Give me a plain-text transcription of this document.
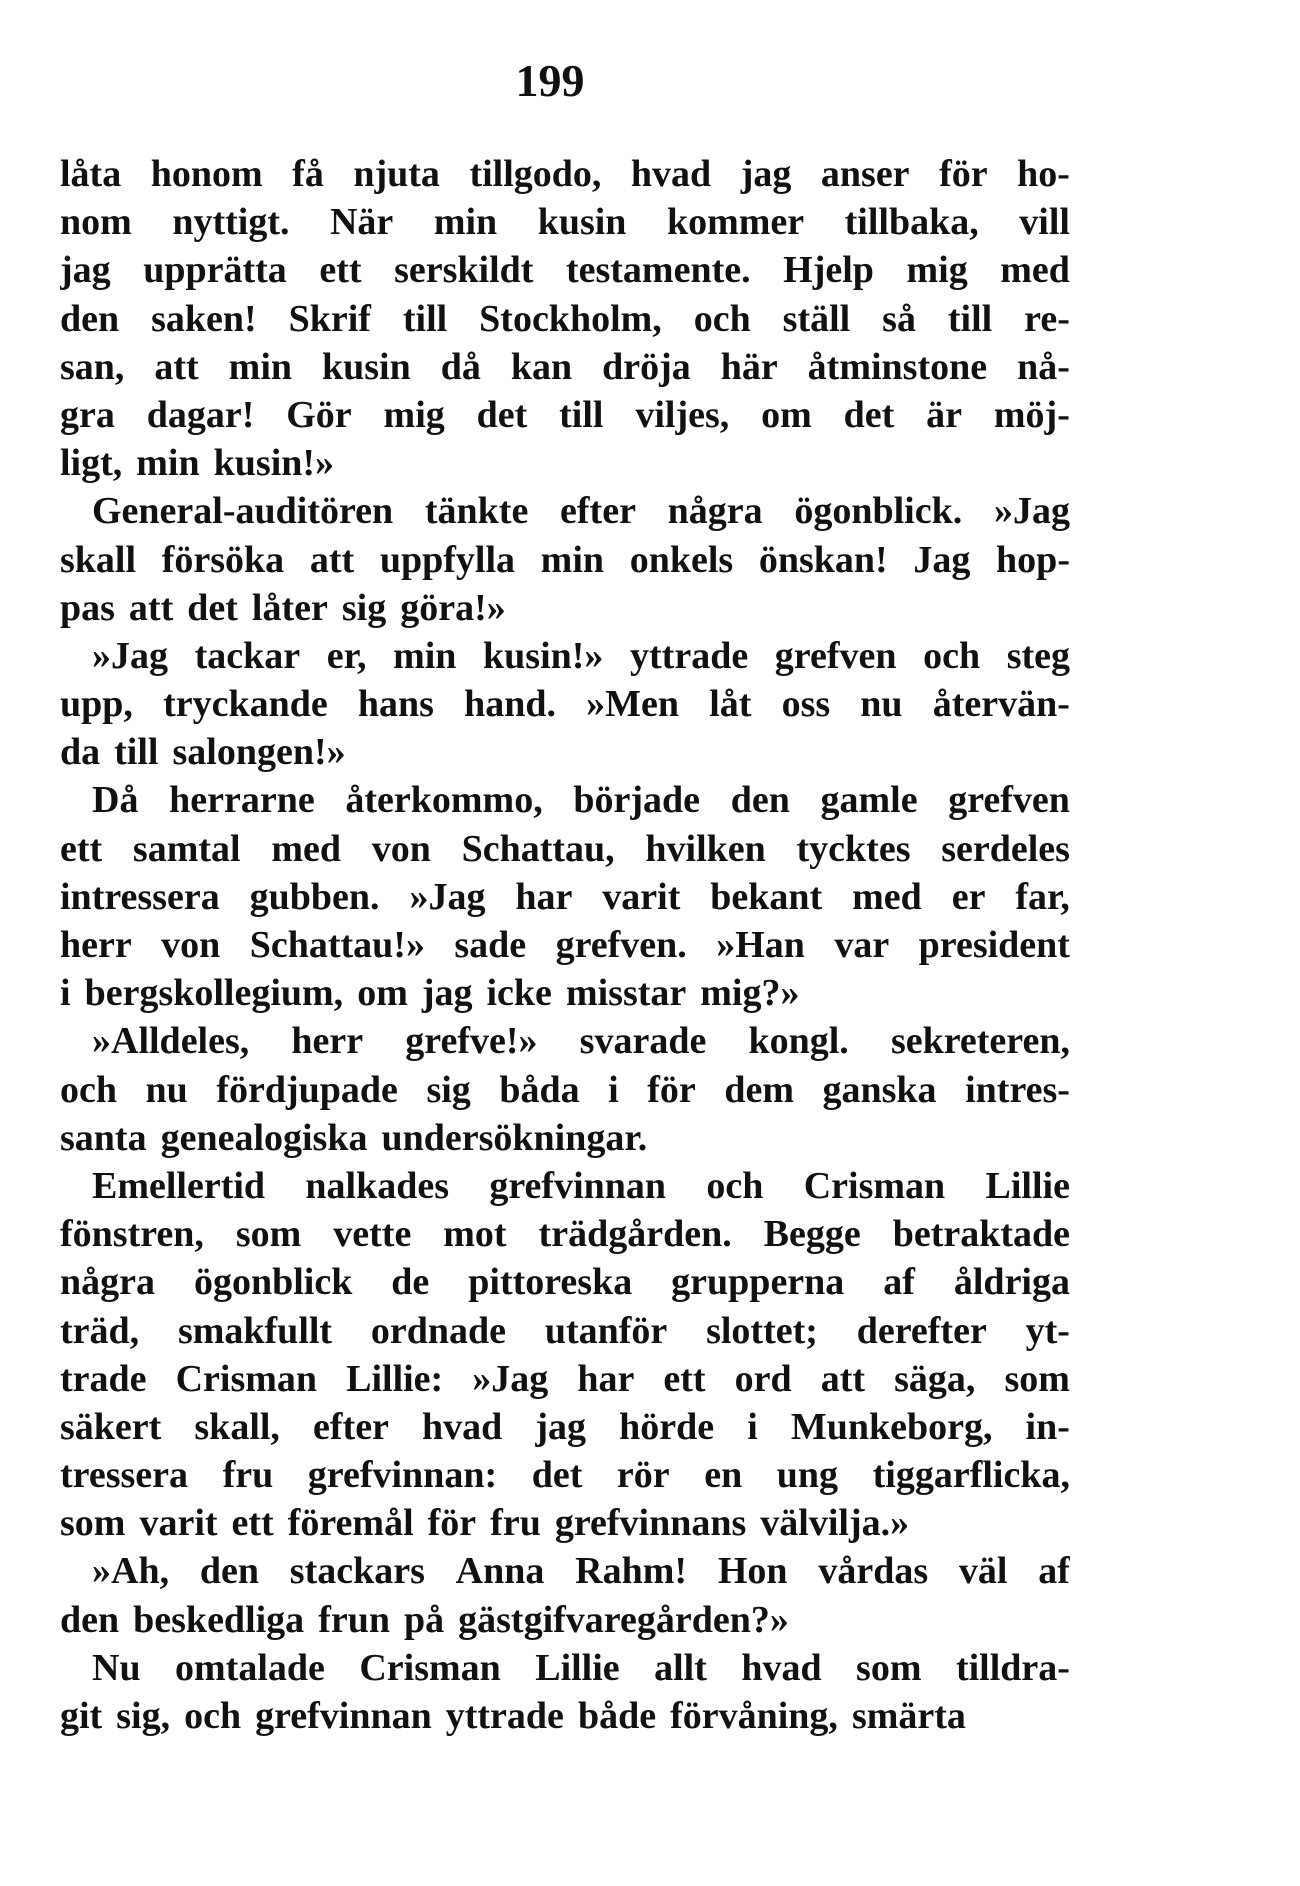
199
låta honom få njuta tillgodo, hvad jag anser för ho-
nom nyttigt. När min kusin kommer tillbaka, vill
jag upprätta ett serskildt testamente. Hjelp mig med
den saken! Skrif till Stockholm, och ställ så till re-
san, att min kusin då kan dröja här åtminstone nå-
gra dagar! Gör mig det till viljes, om det är möj-
ligt, min kusin!»
General-auditören tänkte efter några ögonblick. »Jag
skall försöka att uppfylla min onkels önskan! Jag hop-
pas att det låter sig göra!»
»Jag tackar er, min kusin!» yttrade grefven och steg
upp, tryckande hans hand. »Men låt oss nu återvän-
da till salongen!»
Då herrarne återkommo, började den gamle grefven
ett samtal med von Schattau, hvilken tycktes serdeles
intressera gubben. »Jag har varit bekant med er far,
herr von Schattau!» sade grefven. »Han var president
i bergskollegium, om jag icke misstar mig?»
»Alldeles, herr grefve!» svarade kongl. sekreteren,
och nu fördjupade sig båda i för dem ganska intres-
santa genealogiska undersökningar.
Emellertid nalkades grefvinnan och Crisman Lillie
fönstren, som vette mot trädgården. Begge betraktade
några ögonblick de pittoreska grupperna af åldriga
träd, smakfullt ordnade utanför slottet; derefter yt-
trade Crisman Lillie: »Jag har ett ord att säga, som
säkert skall, efter hvad jag hörde i Munkeborg, in-
tressera fru grefvinnan: det rör en ung tiggarflicka,
som varit ett föremål för fru grefvinnans välvilja.»
»Ah, den stackars Anna Rahm! Hon vårdas väl af
den beskedliga frun på gästgifvaregården?»
Nu omtalade Crisman Lillie allt hvad som tilldra-
git sig, och grefvinnan yttrade både förvåning, smärta
